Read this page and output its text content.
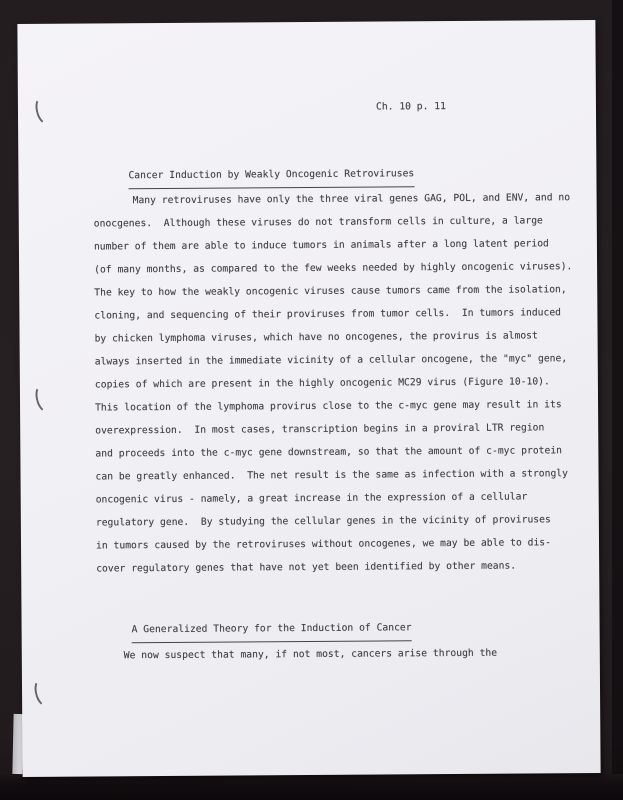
Ch. 10 p. 11

Cancer Induction by Weakly Oncogenic Retroviruses

Many retroviruses have only the three viral genes GAG, POL, and ENV, and no
onocgenes.  Although these viruses do not transform cells in culture, a large
number of them are able to induce tumors in animals after a long latent period
(of many months, as compared to the few weeks needed by highly oncogenic viruses).
The key to how the weakly oncogenic viruses cause tumors came from the isolation,
cloning, and sequencing of their proviruses from tumor cells.  In tumors induced
by chicken lymphoma viruses, which have no oncogenes, the provirus is almost
always inserted in the immediate vicinity of a cellular oncogene, the "myc" gene,
copies of which are present in the highly oncogenic MC29 virus (Figure 10-10).
This location of the lymphoma provirus close to the c-myc gene may result in its
overexpression.  In most cases, transcription begins in a proviral LTR region
and proceeds into the c-myc gene downstream, so that the amount of c-myc protein
can be greatly enhanced.  The net result is the same as infection with a strongly
oncogenic virus - namely, a great increase in the expression of a cellular
regulatory gene.  By studying the cellular genes in the vicinity of proviruses
in tumors caused by the retroviruses without oncogenes, we may be able to dis-
cover regulatory genes that have not yet been identified by other means.

A Generalized Theory for the Induction of Cancer

We now suspect that many, if not most, cancers arise through the
